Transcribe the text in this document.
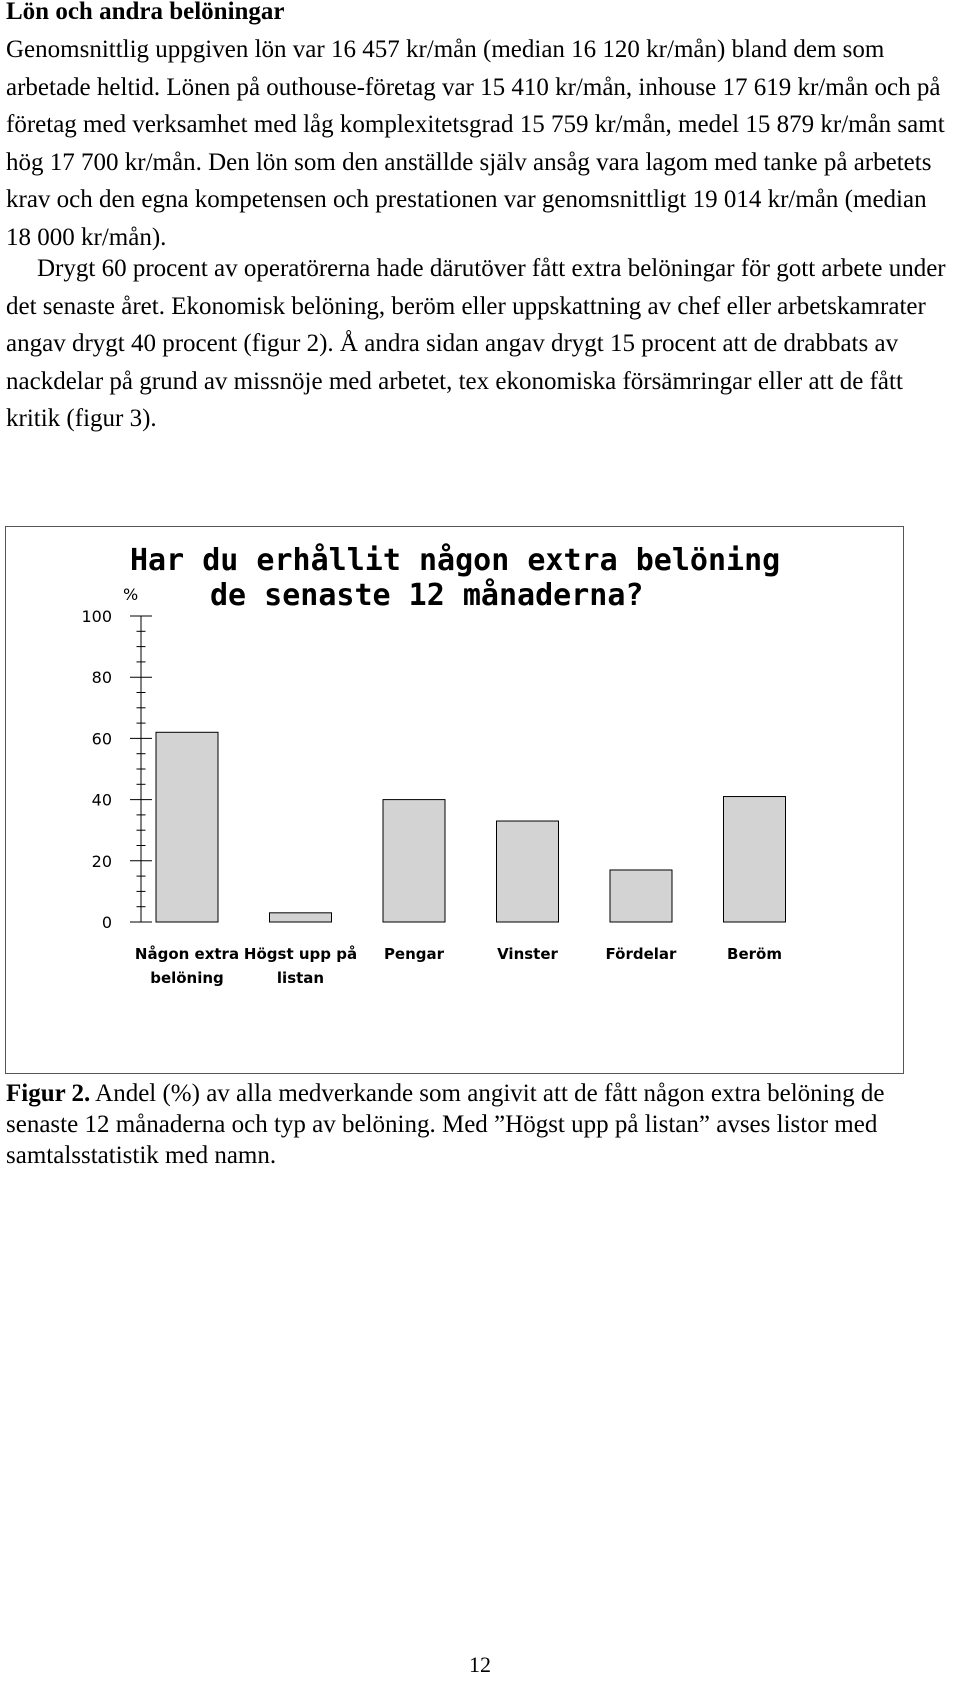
Lön och andra belöningar

Genomsnittlig uppgiven lön var 16 457 kr/mån (median 16 120 kr/mån) bland dem som arbetade heltid. Lönen på outhouse-företag var 15 410 kr/mån, inhouse 17 619 kr/mån och på företag med verksamhet med låg komplexitetsgrad 15 759 kr/mån, medel 15 879 kr/mån samt hög 17 700 kr/mån. Den lön som den anställde själv ansåg vara lagom med tanke på arbetets krav och den egna kompetensen och prestationen var genomsnittligt 19 014 kr/mån (median 18 000 kr/mån).

Drygt 60 procent av operatörerna hade därutöver fått extra belöningar för gott arbete under det senaste året. Ekonomisk belöning, beröm eller uppskattning av chef eller arbetskamrater angav drygt 40 procent (figur 2). Å andra sidan angav drygt 15 procent att de drabbats av nackdelar på grund av missnöje med arbetet, tex ekonomiska försämringar eller att de fått kritik (figur 3).

Har du erhållit någon extra belöning
de senaste 12 månaderna?
%
0
20
40
60
80
100
Någon extra
belöning
Högst upp på
listan
Pengar	Vinster	Fördelar	Beröm

Figur 2. Andel (%) av alla medverkande som angivit att de fått någon extra belöning de senaste 12 månaderna och typ av belöning. Med ”Högst upp på listan” avses listor med samtalsstatistik med namn.

12
